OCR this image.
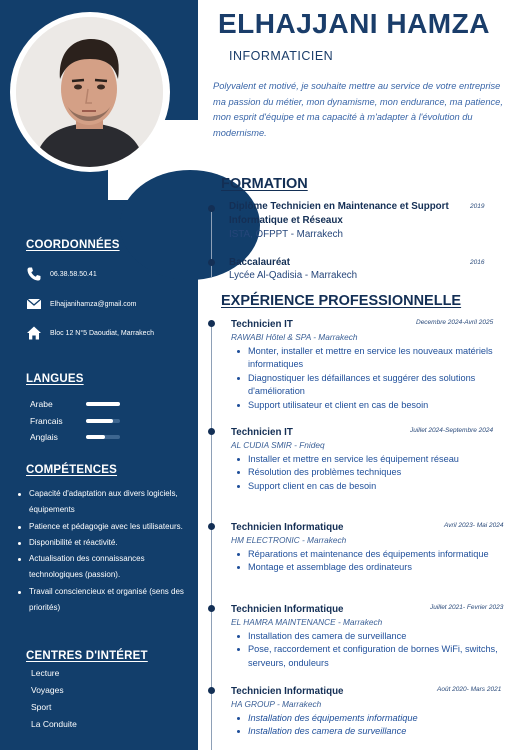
COORDONNÉES
06.38.58.50.41
Elhajjanihamza@gmail.com
Bloc 12 N°5 Daoudiat, Marrakech
LANGUES
Arabe
Francais
Anglais
COMPÉTENCES
Capacité d'adaptation aux divers logiciels, équipements
Patience et pédagogie avec les utilisateurs.
Disponibilité et réactivité.
Actualisation des connaissances technologiques (passion).
Travail consciencieux et organisé (sens des priorités)
CENTRES D'INTÉRET
Lecture
Voyages
Sport
La Conduite
ELHAJJANI HAMZA
INFORMATICIEN
Polyvalent et motivé, je souhaite mettre au service de votre entreprise ma passion du métier, mon dynamisme, mon endurance, ma patience, mon esprit d'équipe et ma capacité à m'adapter à l'évolution du modernisme.
FORMATION
Diplôme Technicien en Maintenance et Support Informatique et Réseaux
2019
ISTA, OFPPT - Marrakech
Baccalauréat	2016
Lycée Al-Qadisia - Marrakech
EXPÉRIENCE PROFESSIONNELLE
Technicien IT	Decembre 2024-Avril 2025
RAWABI Hôtel & SPA - Marrakech
Monter, installer et mettre en service les nouveaux matériels informatiques
Diagnostiquer les défaillances et suggérer des solutions d'amélioration
Support utilisateur et client en cas de besoin
Technicien IT	Juillet 2024-Septembre 2024
AL CUDIA SMIR - Fnideq
Installer et mettre en service les équipement réseau
Résolution des problèmes techniques
Support client en cas de besoin
Technicien Informatique	Avril 2023- Mai 2024
HM ELECTRONIC - Marrakech
Réparations et maintenance des équipements informatique
Montage et assemblage des ordinateurs
Technicien Informatique	Juillet 2021- Fevrier 2023
EL HAMRA MAINTENANCE - Marrakech
Installation des camera de surveillance
Pose, raccordement et configuration de bornes WiFi, switchs, serveurs, onduleurs
Technicien Informatique	Août 2020- Mars 2021
HA GROUP - Marrakech
Installation des équipements informatique
Installation des camera de surveillance
